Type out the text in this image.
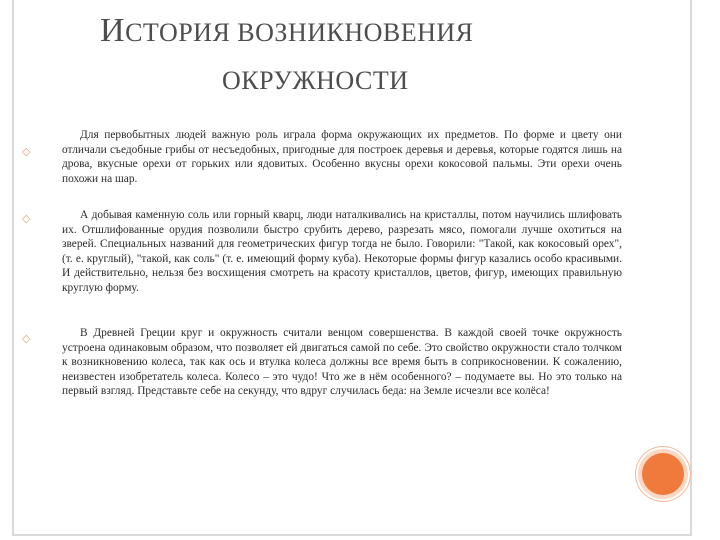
ИСТОРИЯ ВОЗНИКНОВЕНИЯ
ОКРУЖНОСТИ
◇
Для первобытных людей важную роль играла форма окружающих их предметов. По форме и цвету они отличали съедобные грибы от несъедобных, пригодные для построек деревья и деревья, которые годятся лишь на дрова, вкусные орехи от горьких или ядовитых. Особенно вкусны орехи кокосовой пальмы. Эти орехи очень похожи на шар.
◇	А добывая каменную соль или горный кварц, люди наталкивались на кристаллы, потом научились шлифовать их. Отшлифованные орудия позволили быстро срубить дерево, разрезать мясо, помогали лучше охотиться на зверей. Специальных названий для геометрических фигур тогда не было. Говорили: "Такой, как кокосовый орех", (т. е. круглый), "такой, как соль" (т. е. имеющий форму куба). Некоторые формы фигур казались особо красивыми. И действительно, нельзя без восхищения смотреть на красоту кристаллов, цветов, фигур, имеющих правильную круглую форму.
◇	В Древней Греции круг и окружность считали венцом совершенства. В каждой своей точке окружность устроена одинаковым образом, что позволяет ей двигаться самой по себе. Это свойство окружности стало толчком к возникновению колеса, так как ось и втулка колеса должны все время быть в соприкосновении. К сожалению, неизвестен изобретатель колеса. Колесо – это чудо! Что же в нём особенного? – подумаете вы. Но это только на первый взгляд. Представьте себе на секунду, что вдруг случилась беда: на Земле исчезли все колёса!
